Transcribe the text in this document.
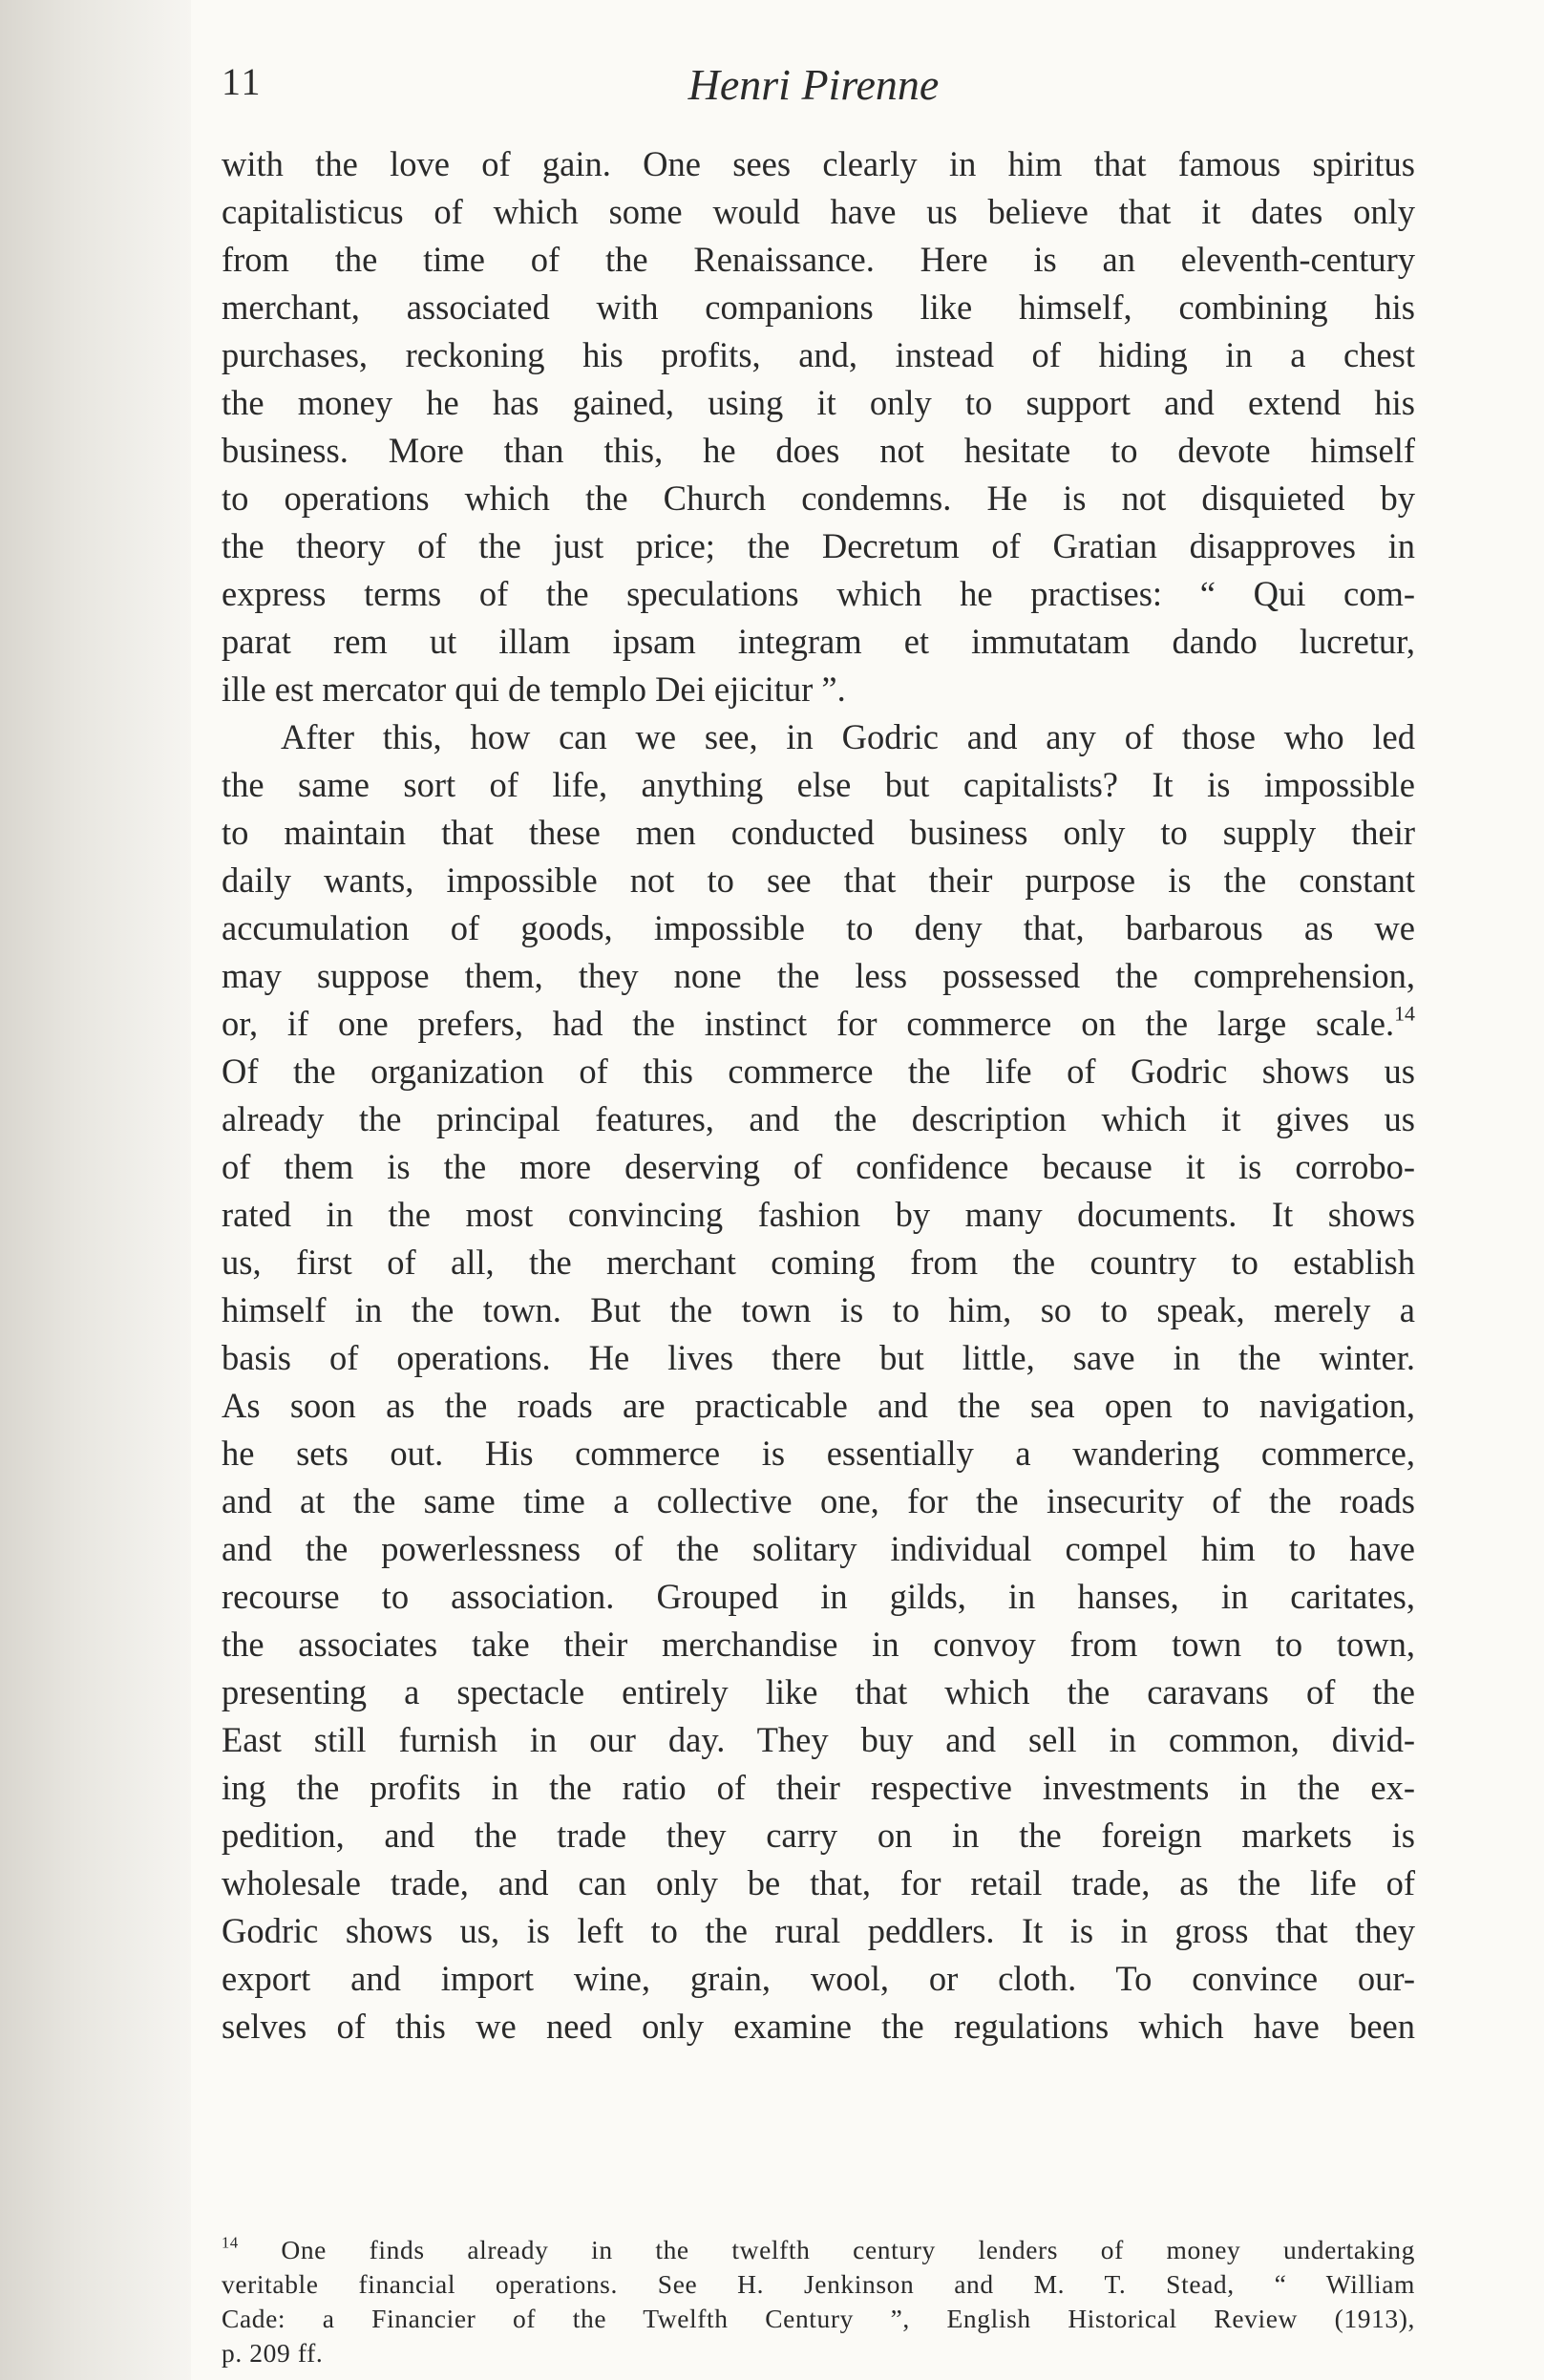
11	Henri Pirenne
with the love of gain. One sees clearly in him that famous spiritus
capitalisticus of which some would have us believe that it dates only
from the time of the Renaissance. Here is an eleventh-century
merchant, associated with companions like himself, combining his
purchases, reckoning his profits, and, instead of hiding in a chest
the money he has gained, using it only to support and extend his
business. More than this, he does not hesitate to devote himself
to operations which the Church condemns. He is not disquieted by
the theory of the just price; the Decretum of Gratian disapproves in
express terms of the speculations which he practises: “ Qui com-
parat rem ut illam ipsam integram et immutatam dando lucretur,
ille est mercator qui de templo Dei ejicitur ”.
After this, how can we see, in Godric and any of those who led
the same sort of life, anything else but capitalists? It is impossible
to maintain that these men conducted business only to supply their
daily wants, impossible not to see that their purpose is the constant
accumulation of goods, impossible to deny that, barbarous as we
may suppose them, they none the less possessed the comprehension,
or, if one prefers, had the instinct for commerce on the large scale.$^{14}$
Of the organization of this commerce the life of Godric shows us
already the principal features, and the description which it gives us
of them is the more deserving of confidence because it is corrobo-
rated in the most convincing fashion by many documents. It shows
us, first of all, the merchant coming from the country to establish
himself in the town. But the town is to him, so to speak, merely a
basis of operations. He lives there but little, save in the winter.
As soon as the roads are practicable and the sea open to navigation,
he sets out. His commerce is essentially a wandering commerce,
and at the same time a collective one, for the insecurity of the roads
and the powerlessness of the solitary individual compel him to have
recourse to association. Grouped in gilds, in hanses, in caritates,
the associates take their merchandise in convoy from town to town,
presenting a spectacle entirely like that which the caravans of the
East still furnish in our day. They buy and sell in common, divid-
ing the profits in the ratio of their respective investments in the ex-
pedition, and the trade they carry on in the foreign markets is
wholesale trade, and can only be that, for retail trade, as the life of
Godric shows us, is left to the rural peddlers. It is in gross that they
export and import wine, grain, wool, or cloth. To convince our-
selves of this we need only examine the regulations which have been
$^{14}$ One finds already in the twelfth century lenders of money undertaking
veritable financial operations. See H. Jenkinson and M. T. Stead, “ William
Cade: a Financier of the Twelfth Century ”, English Historical Review (1913),
p. 209 ff.
